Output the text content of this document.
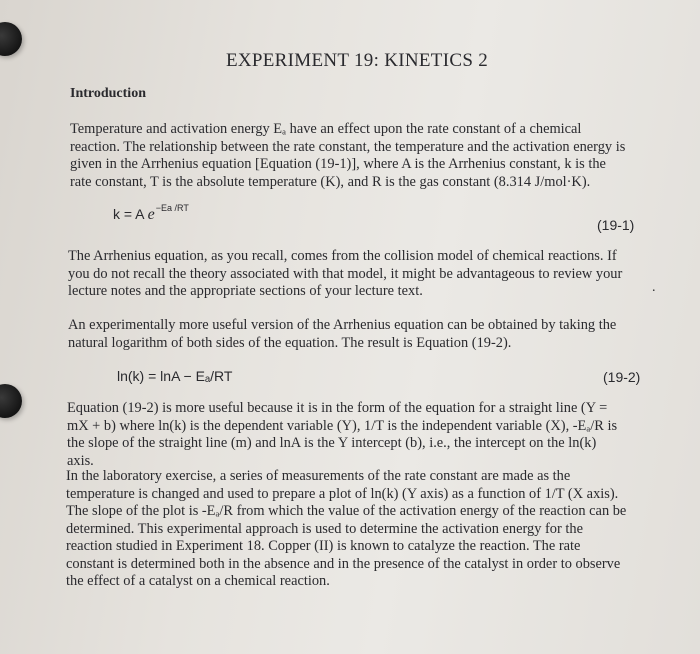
EXPERIMENT 19: KINETICS 2
Introduction
Temperature and activation energy Eₐ have an effect upon the rate constant of a chemical
reaction. The relationship between the rate constant, the temperature and the activation energy is
given in the Arrhenius equation [Equation (19-1)], where A is the Arrhenius constant, k is the
rate constant, T is the absolute temperature (K), and R is the gas constant (8.314 J/mol·K).
k = A $e^{-Ea /RT}$
(19-1)
The Arrhenius equation, as you recall, comes from the collision model of chemical reactions. If
you do not recall the theory associated with that model, it might be advantageous to review your
lecture notes and the appropriate sections of your lecture text.	.
An experimentally more useful version of the Arrhenius equation can be obtained by taking the
natural logarithm of both sides of the equation. The result is Equation (19-2).
ln(k) = lnA − Eₐ/RT	(19-2)
Equation (19-2) is more useful because it is in the form of the equation for a straight line (Y =
mX + b) where ln(k) is the dependent variable (Y), 1/T is the independent variable (X), -Eₐ/R is
the slope of the straight line (m) and lnA is the Y intercept (b), i.e., the intercept on the ln(k)
axis.
In the laboratory exercise, a series of measurements of the rate constant are made as the
temperature is changed and used to prepare a plot of ln(k) (Y axis) as a function of 1/T (X axis).
The slope of the plot is -Eₐ/R from which the value of the activation energy of the reaction can be
determined. This experimental approach is used to determine the activation energy for the
reaction studied in Experiment 18. Copper (II) is known to catalyze the reaction. The rate
constant is determined both in the absence and in the presence of the catalyst in order to observe
the effect of a catalyst on a chemical reaction.
